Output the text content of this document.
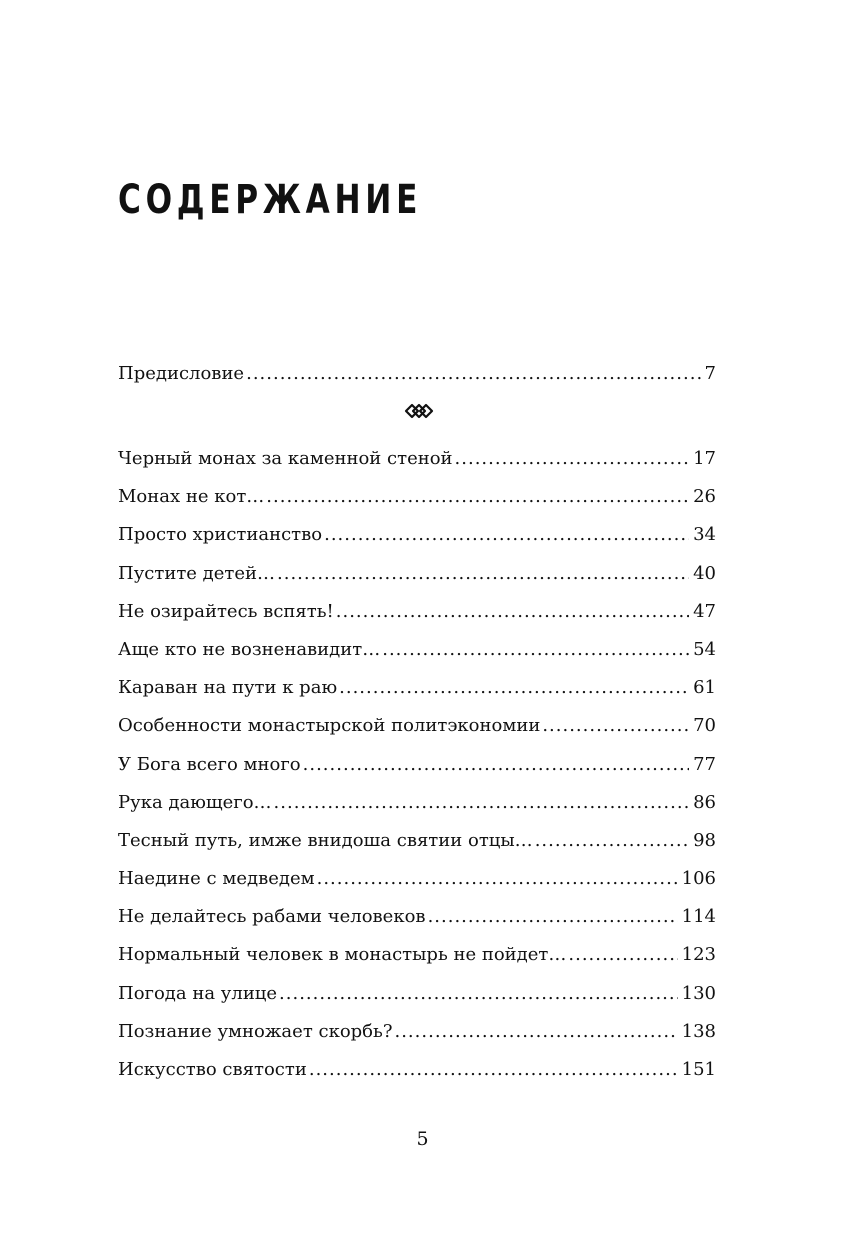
СОДЕРЖАНИЕ
Предисловие .....	7
Черный монах за каменной стеной .....	17
Монах не кот… .....	26
Просто христианство .....	34
Пустите детей… .....	40
Не озирайтесь вспять! .....	47
Аще кто не возненавидит… .....	54
Караван на пути к раю .....	61
Особенности монастырской политэкономии .....	70
У Бога всего много .....	77
Рука дающего… .....	86
Тесный путь, имже внидоша святии отцы… .....	98
Наедине с медведем .....	106
Не делайтесь рабами человеков .....	114
Нормальный человек в монастырь не пойдет… .....	123
Погода на улице .....	130
Познание умножает скорбь? .....	138
Искусство святости .....	151
5
